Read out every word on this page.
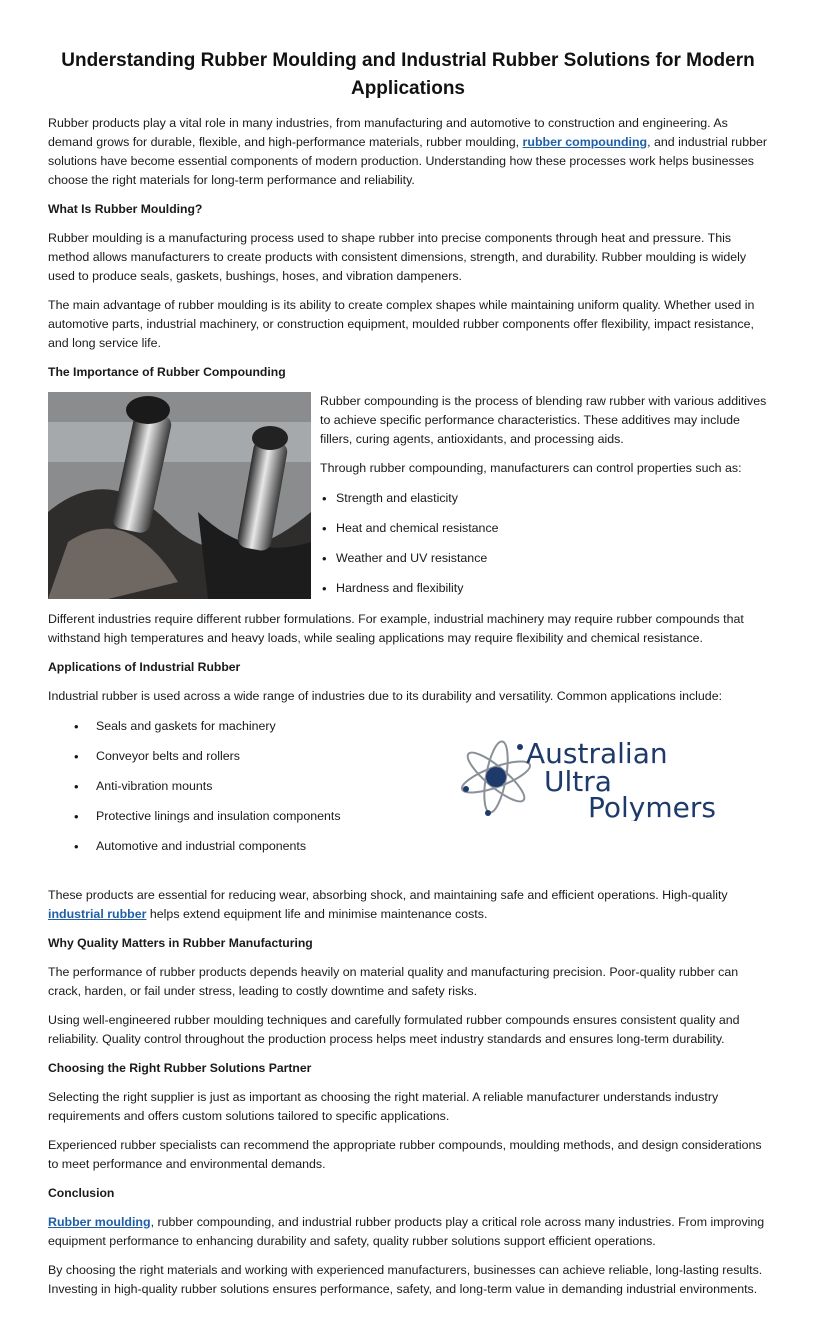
Understanding Rubber Moulding and Industrial Rubber Solutions for Modern Applications

Rubber products play a vital role in many industries, from manufacturing and automotive to construction and engineering. As demand grows for durable, flexible, and high-performance materials, rubber moulding, rubber compounding, and industrial rubber solutions have become essential components of modern production. Understanding how these processes work helps businesses choose the right materials for long-term performance and reliability.

What Is Rubber Moulding?

Rubber moulding is a manufacturing process used to shape rubber into precise components through heat and pressure. This method allows manufacturers to create products with consistent dimensions, strength, and durability. Rubber moulding is widely used to produce seals, gaskets, bushings, hoses, and vibration dampeners.

The main advantage of rubber moulding is its ability to create complex shapes while maintaining uniform quality. Whether used in automotive parts, industrial machinery, or construction equipment, moulded rubber components offer flexibility, impact resistance, and long service life.

The Importance of Rubber Compounding

Rubber compounding is the process of blending raw rubber with various additives to achieve specific performance characteristics. These additives may include fillers, curing agents, antioxidants, and processing aids.

Through rubber compounding, manufacturers can control properties such as:

• Strength and elasticity
• Heat and chemical resistance
• Weather and UV resistance
• Hardness and flexibility

Different industries require different rubber formulations. For example, industrial machinery may require rubber compounds that withstand high temperatures and heavy loads, while sealing applications may require flexibility and chemical resistance.

Applications of Industrial Rubber

Industrial rubber is used across a wide range of industries due to its durability and versatility. Common applications include:

• Seals and gaskets for machinery
• Conveyor belts and rollers
• Anti-vibration mounts
• Protective linings and insulation components
• Automotive and industrial components
Australian
Ultra
Polymers

These products are essential for reducing wear, absorbing shock, and maintaining safe and efficient operations. High-quality industrial rubber helps extend equipment life and minimise maintenance costs.

Why Quality Matters in Rubber Manufacturing

The performance of rubber products depends heavily on material quality and manufacturing precision. Poor-quality rubber can crack, harden, or fail under stress, leading to costly downtime and safety risks.

Using well-engineered rubber moulding techniques and carefully formulated rubber compounds ensures consistent quality and reliability. Quality control throughout the production process helps meet industry standards and ensures long-term durability.

Choosing the Right Rubber Solutions Partner

Selecting the right supplier is just as important as choosing the right material. A reliable manufacturer understands industry requirements and offers custom solutions tailored to specific applications.

Experienced rubber specialists can recommend the appropriate rubber compounds, moulding methods, and design considerations to meet performance and environmental demands.

Conclusion

Rubber moulding, rubber compounding, and industrial rubber products play a critical role across many industries. From improving equipment performance to enhancing durability and safety, quality rubber solutions support efficient operations.

By choosing the right materials and working with experienced manufacturers, businesses can achieve reliable, long-lasting results. Investing in high-quality rubber solutions ensures performance, safety, and long-term value in demanding industrial environments.
